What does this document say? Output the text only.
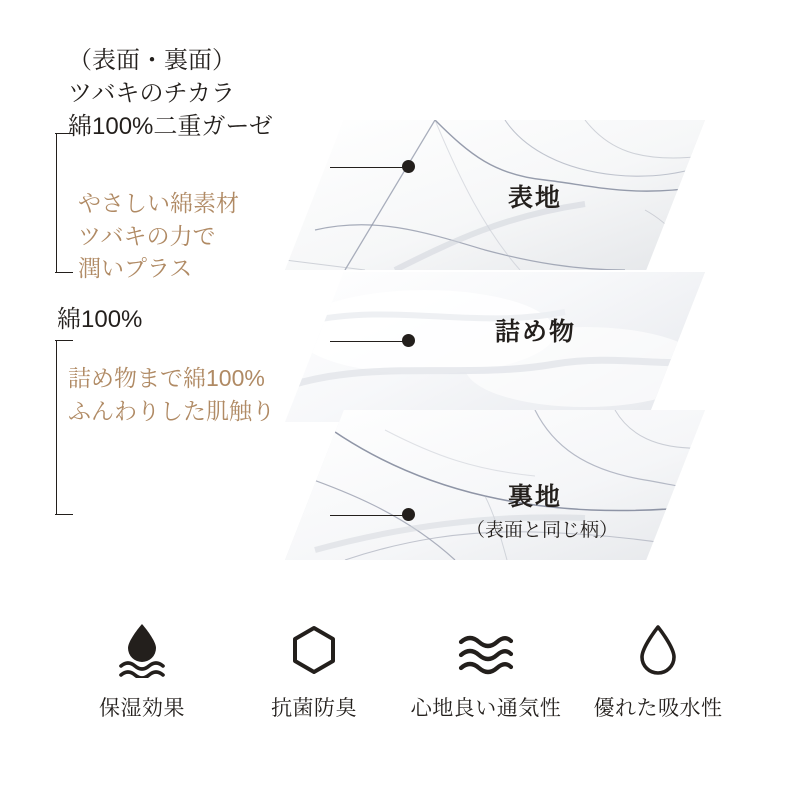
表地
詰め物
裏地
（表面と同じ柄）
（表面・裏面）
ツバキのチカラ
綿100%二重ガーゼ
やさしい綿素材
ツバキの力で
潤いプラス
綿100%
詰め物まで綿100%
ふんわりした肌触り
保湿効果	抗菌防臭	心地良い通気性 優れた吸水性
